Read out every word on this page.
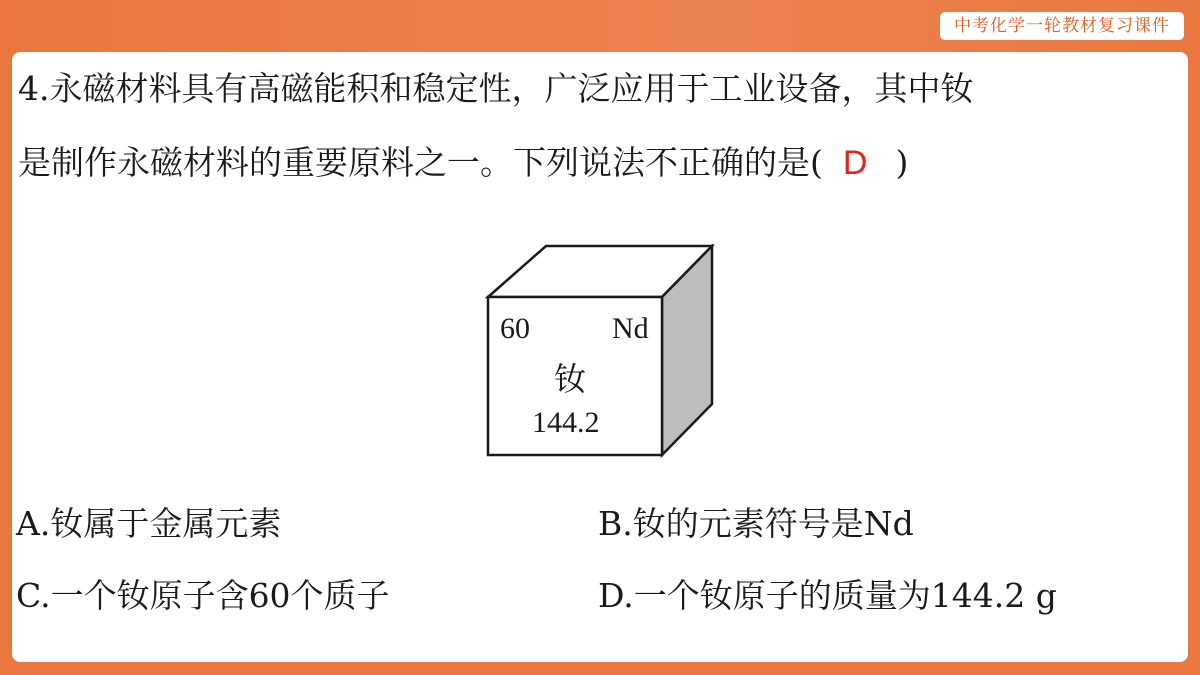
中考化学一轮教材复习课件
4.永磁材料具有高磁能积和稳定性，广泛应用于工业设备，其中钕
是制作永磁材料的重要原料之一。下列说法不正确的是( D )
60	Nd
钕
144.2
A.钕属于金属元素	B.钕的元素符号是Nd
C.一个钕原子含60个质子	D.一个钕原子的质量为144.2 g
